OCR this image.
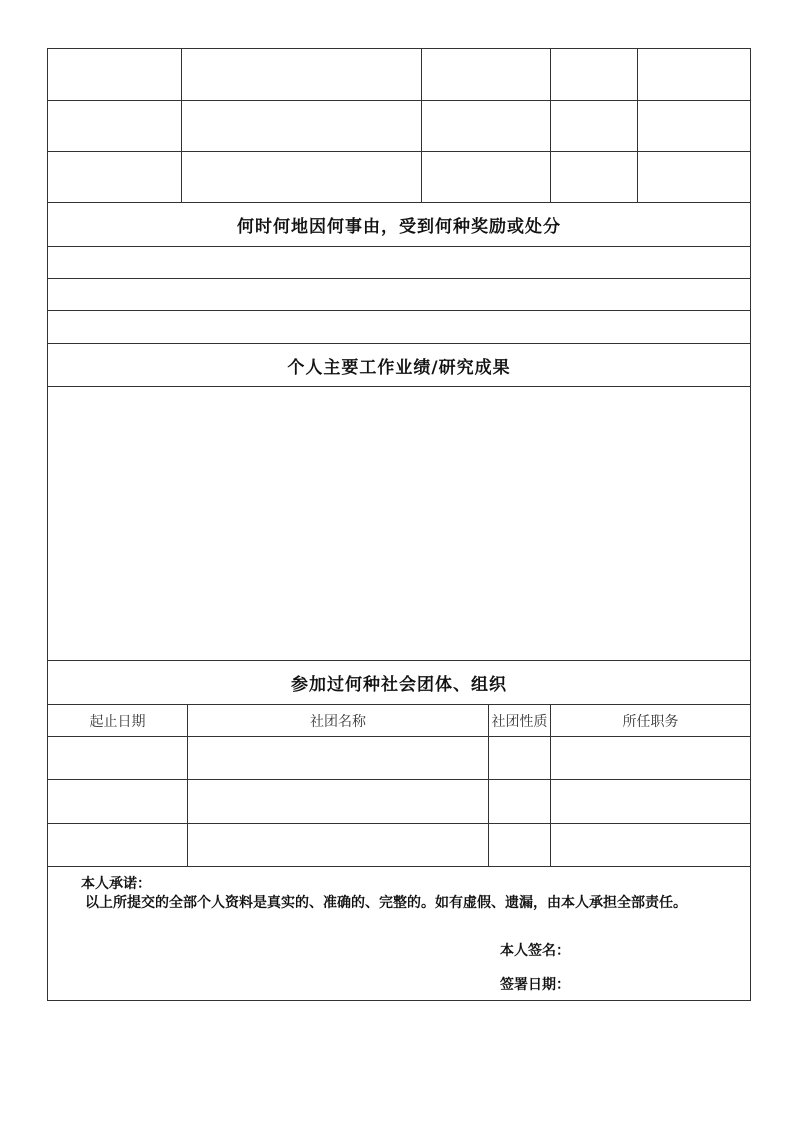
何时何地因何事由，受到何种奖励或处分
个人主要工作业绩/研究成果
参加过何种社会团体、组织
起止日期	社团名称	社团性质	所任职务
本人承诺：
以上所提交的全部个人资料是真实的、准确的、完整的。如有虚假、遗漏，由本人承担全部责任。
本人签名：
签署日期：
